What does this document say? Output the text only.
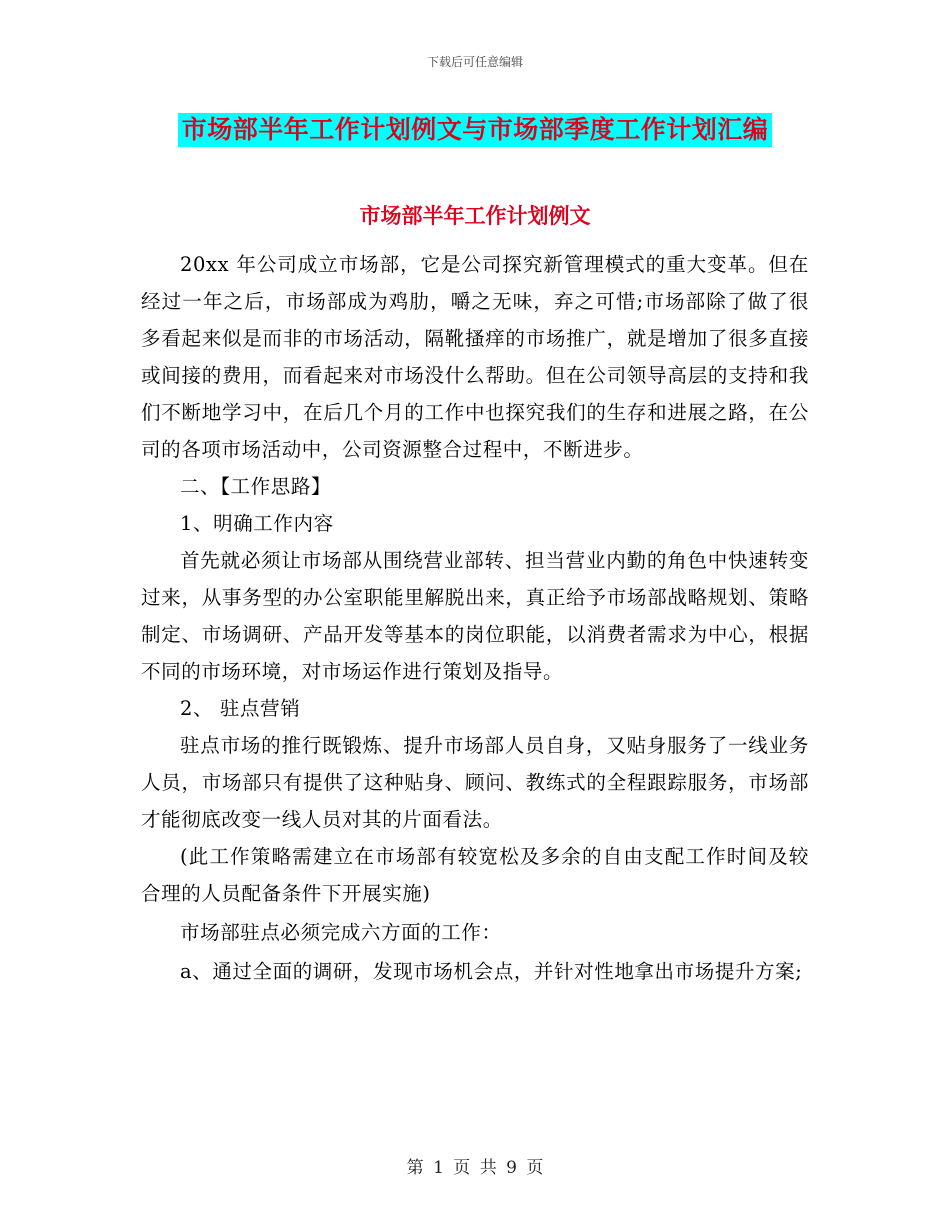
下载后可任意编辑
市场部半年工作计划例文与市场部季度工作计划汇编
市场部半年工作计划例文

20xx 年公司成立市场部，它是公司探究新管理模式的重大变革。但在经过一年之后，市场部成为鸡肋，嚼之无味，弃之可惜;市场部除了做了很多看起来似是而非的市场活动，隔靴搔痒的市场推广，就是增加了很多直接或间接的费用，而看起来对市场没什么帮助。但在公司领导高层的支持和我们不断地学习中，在后几个月的工作中也探究我们的生存和进展之路，在公司的各项市场活动中，公司资源整合过程中，不断进步。

二、【工作思路】

1、明确工作内容

首先就必须让市场部从围绕营业部转、担当营业内勤的角色中快速转变过来，从事务型的办公室职能里解脱出来，真正给予市场部战略规划、策略制定、市场调研、产品开发等基本的岗位职能，以消费者需求为中心，根据不同的市场环境，对市场运作进行策划及指导。

2、 驻点营销

驻点市场的推行既锻炼、提升市场部人员自身，又贴身服务了一线业务人员，市场部只有提供了这种贴身、顾问、教练式的全程跟踪服务，市场部才能彻底改变一线人员对其的片面看法。

(此工作策略需建立在市场部有较宽松及多余的自由支配工作时间及较合理的人员配备条件下开展实施)

市场部驻点必须完成六方面的工作：

a、通过全面的调研，发现市场机会点，并针对性地拿出市场提升方案;

第 1 页 共 9 页
